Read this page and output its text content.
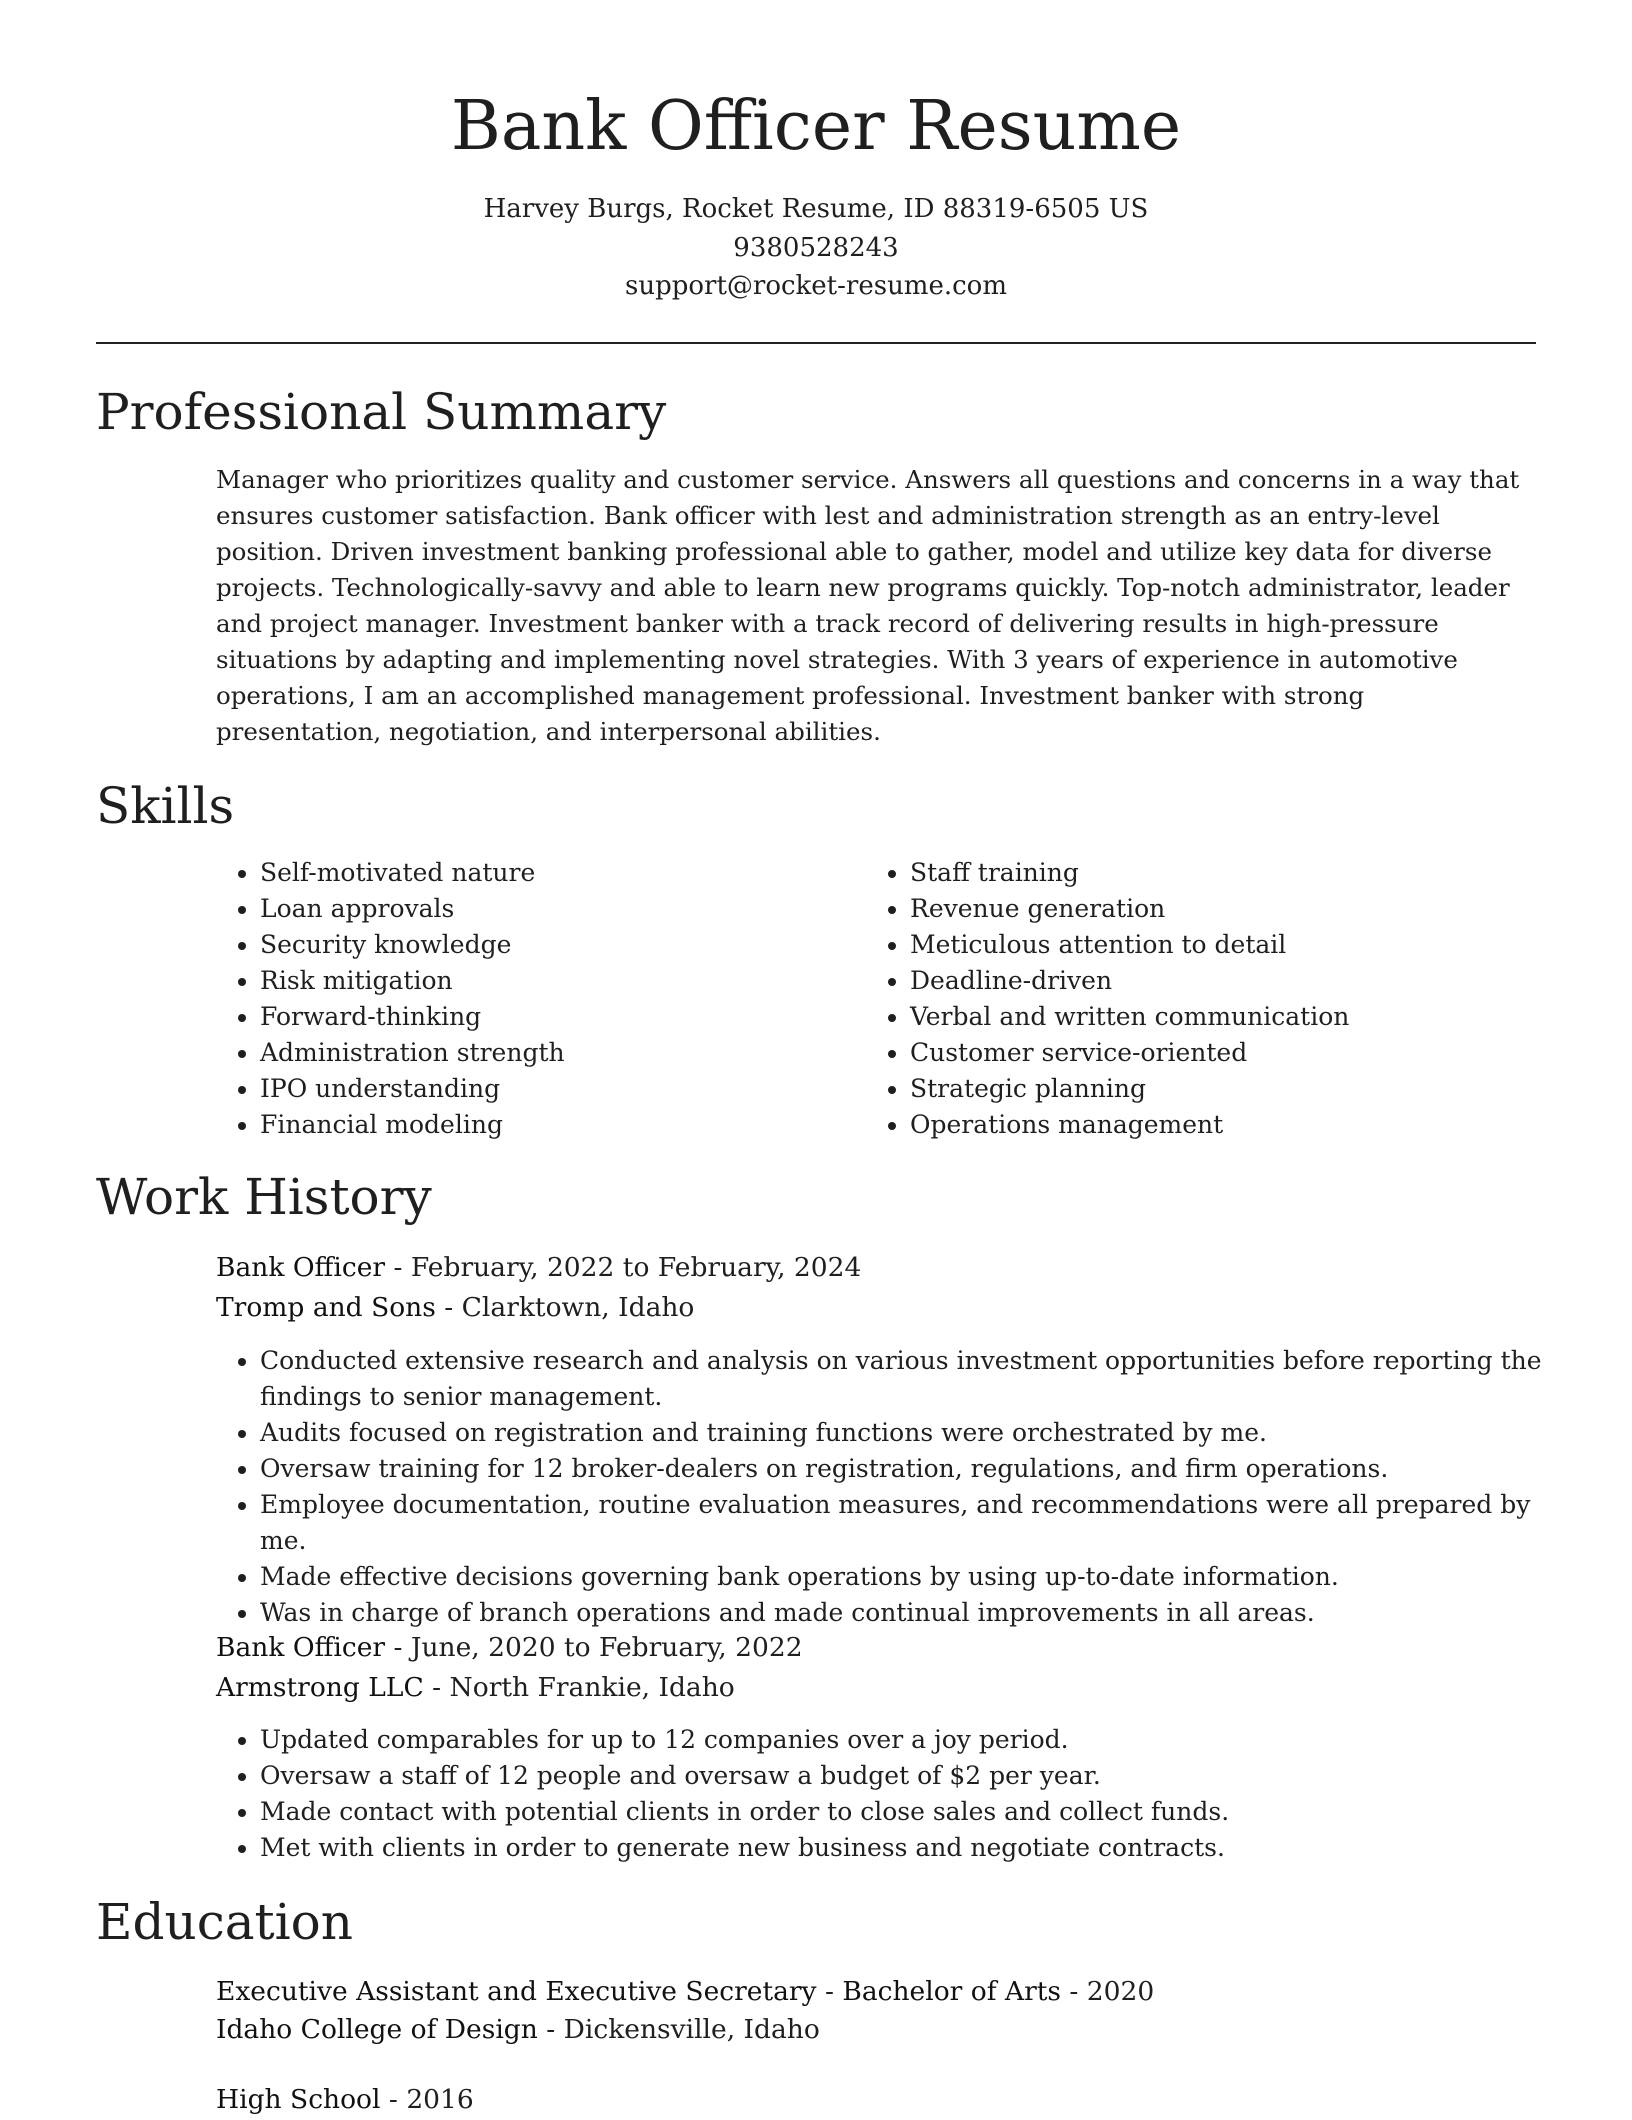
Bank Officer Resume
Harvey Burgs, Rocket Resume, ID 88319-6505 US
9380528243
support@rocket-resume.com
Professional Summary

Manager who prioritizes quality and customer service. Answers all questions and concerns in a way that ensures customer satisfaction. Bank officer with lest and administration strength as an entry-level position. Driven investment banking professional able to gather, model and utilize key data for diverse projects. Technologically-savvy and able to learn new programs quickly. Top-notch administrator, leader and project manager. Investment banker with a track record of delivering results in high-pressure situations by adapting and implementing novel strategies. With 3 years of experience in automotive operations, I am an accomplished management professional. Investment banker with strong presentation, negotiation, and interpersonal abilities.

Skills
• Self-motivated nature
• Loan approvals
• Security knowledge
• Risk mitigation
• Forward-thinking
• Administration strength
• IPO understanding
• Financial modeling
• Staff training
• Revenue generation
• Meticulous attention to detail
• Deadline-driven
• Verbal and written communication
• Customer service-oriented
• Strategic planning
• Operations management
Work History
Bank Officer - February, 2022 to February, 2024
Tromp and Sons - Clarktown, Idaho
• Conducted extensive research and analysis on various investment opportunities before reporting the findings to senior management.
• Audits focused on registration and training functions were orchestrated by me.
• Oversaw training for 12 broker-dealers on registration, regulations, and firm operations.
• Employee documentation, routine evaluation measures, and recommendations were all prepared by me.
• Made effective decisions governing bank operations by using up-to-date information.
• Was in charge of branch operations and made continual improvements in all areas.
Bank Officer - June, 2020 to February, 2022
Armstrong LLC - North Frankie, Idaho
• Updated comparables for up to 12 companies over a joy period.
• Oversaw a staff of 12 people and oversaw a budget of $2 per year.
• Made contact with potential clients in order to close sales and collect funds.
• Met with clients in order to generate new business and negotiate contracts.
Education
Executive Assistant and Executive Secretary - Bachelor of Arts - 2020
Idaho College of Design - Dickensville, Idaho
High School - 2016
